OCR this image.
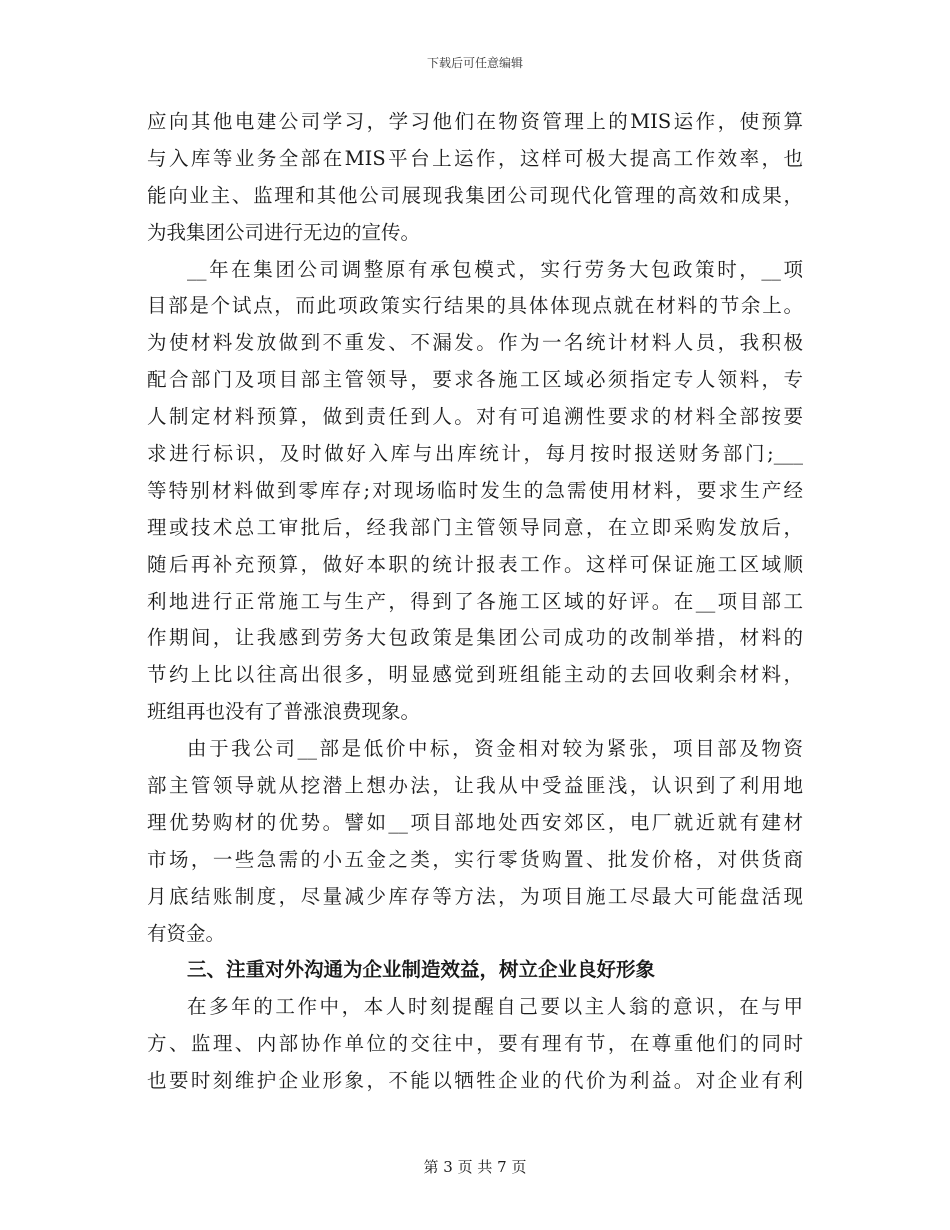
下载后可任意编辑
应向其他电建公司学习，学习他们在物资管理上的MIS运作，使预算
与入库等业务全部在MIS平台上运作，这样可极大提高工作效率，也
能向业主、监理和其他公司展现我集团公司现代化管理的高效和成果，
为我集团公司进行无边的宣传。
__年在集团公司调整原有承包模式，实行劳务大包政策时，__项
目部是个试点，而此项政策实行结果的具体体现点就在材料的节余上。
为使材料发放做到不重发、不漏发。作为一名统计材料人员，我积极
配合部门及项目部主管领导，要求各施工区域必须指定专人领料，专
人制定材料预算，做到责任到人。对有可追溯性要求的材料全部按要
求进行标识，及时做好入库与出库统计，每月按时报送财务部门;___
等特别材料做到零库存;对现场临时发生的急需使用材料，要求生产经
理或技术总工审批后，经我部门主管领导同意，在立即采购发放后，
随后再补充预算，做好本职的统计报表工作。这样可保证施工区域顺
利地进行正常施工与生产，得到了各施工区域的好评。在__项目部工
作期间，让我感到劳务大包政策是集团公司成功的改制举措，材料的
节约上比以往高出很多，明显感觉到班组能主动的去回收剩余材料，
班组再也没有了普涨浪费现象。
由于我公司__部是低价中标，资金相对较为紧张，项目部及物资
部主管领导就从挖潜上想办法，让我从中受益匪浅，认识到了利用地
理优势购材的优势。譬如__项目部地处西安郊区，电厂就近就有建材
市场，一些急需的小五金之类，实行零货购置、批发价格，对供货商
月底结账制度，尽量减少库存等方法，为项目施工尽最大可能盘活现
有资金。
三、注重对外沟通为企业制造效益，树立企业良好形象
在多年的工作中，本人时刻提醒自己要以主人翁的意识，在与甲
方、监理、内部协作单位的交往中，要有理有节，在尊重他们的同时
也要时刻维护企业形象，不能以牺牲企业的代价为利益。对企业有利
第 3 页 共 7 页
